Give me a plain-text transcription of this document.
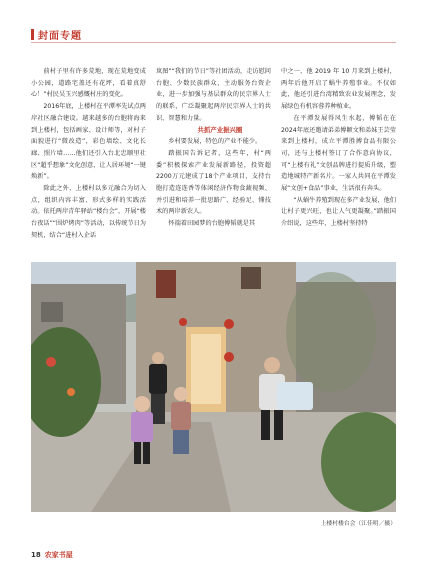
封面专题

前村子里有许多荒地，现在荒地变成小公园，道路宅盖还有花坪，看着真舒心！”村民吴玉兴感慨村庄的变化。

2016年底，上楼村在平潭率先试点两岸社区融合建设。越来越多的台胞将海来到上楼村，包括画家、设计师等，对村子面貌进行“微改造”，彩色墙绘、文化长廊、照片墙……他们还引入台北忠顺里社区“超乎想象”文化创意，让人居环境“一键焕新”。

除此之外，上楼村以多元融合为切入点，组织内容丰富、形式多样的实践活动。依托两岸青年驿站“楼台会”，开展“楼台夜话”“围炉烤肉”等活动，以传统节日为契机，结合“进村入企话

岚图”“我们的节日”等社团活动，走访慰问台胞、少数民族群众，主动服务台资企业，进一步加强与基层群众的民宗界人士的联系，广泛凝聚起两岸民宗界人士的共识、智慧和力量。

共抓产业振兴圈

乡村要发展，特色的产业不能少。

踏振国告诉记者，这些年，村“两委”积极探索产业发展新路径，投资超2200万元建成了18个产业项目，支持台胞打造连连香等体闲经济作物食蔬视频、并引进和培养一批思路广、经验足、懂技术的两岸新农人。

怀揣着田园梦的台胞傅韬就是其

中之一，他 2019 年 10 月来到上楼村，两年后他开启了蜗牛养殖事业。不仅如此，他还引进台湾精致农业发展理念，发展绿色有机容蓉养种植业。

在平潭发展得风生水起，傅韬在在2024年底还邀请弟弟傅颖文和弟妹王芸莹来到上楼村，成立平潭胜搏食品有限公司，还与上楼村签订了合作意向协议，可“上楼有礼”文创品牌进行提质升级，塑造地城特产新名片。一家人共同在平潭发展“文创+食品”事业，生活很有奔头。

“从蜗牛养殖到现在多产业发展，他们让村子更兴旺，也让人气更凝聚。”踏振国介绍说，这些年，上楼村坚持特

上楼村楼台会（江佳明／摄）
18 农家书屋
